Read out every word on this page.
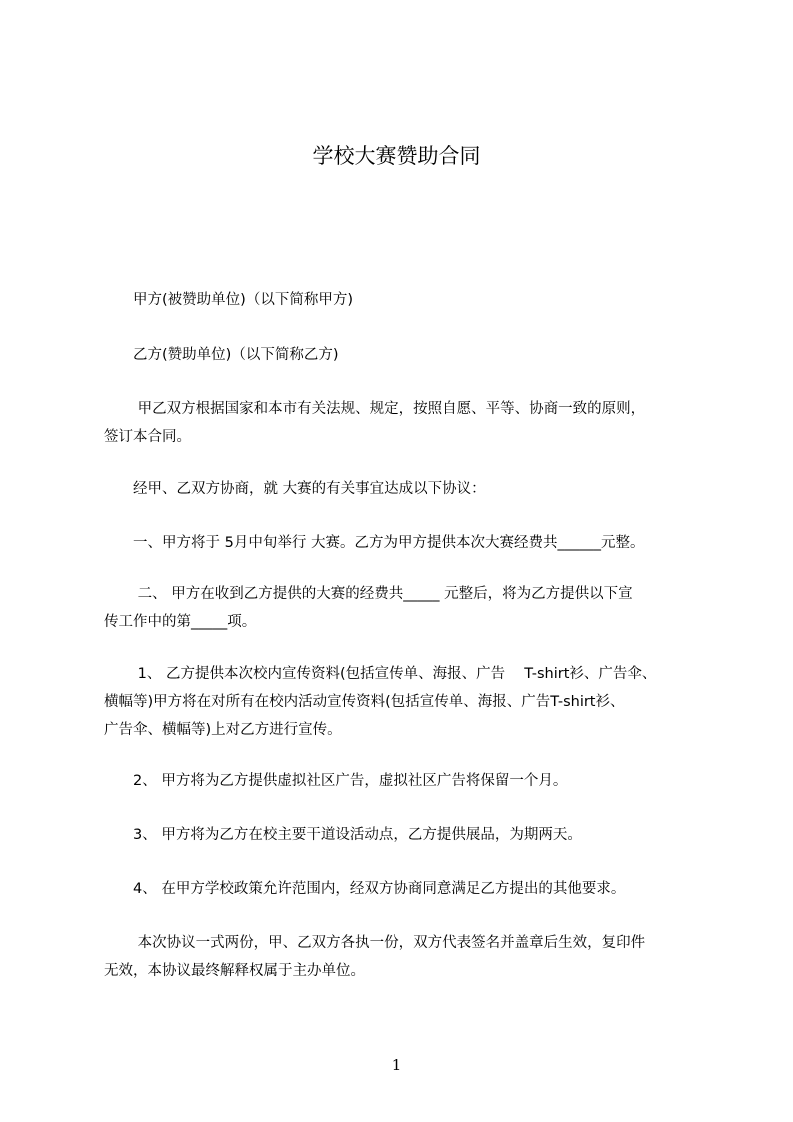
学校大赛赞助合同

　　甲方(被赞助单位)（以下简称甲方)

　　乙方(赞助单位)（以下简称乙方)

　　 甲乙双方根据国家和本市有关法规、规定，按照自愿、平等、协商一致的原则，
签订本合同。

　　经甲、乙双方协商，就 大赛的有关事宜达成以下协议：

　　一、甲方将于 5月中旬举行 大赛。乙方为甲方提供本次大赛经费共______元整。

　　 二、 甲方在收到乙方提供的大赛的经费共_____ 元整后，将为乙方提供以下宣
传工作中的第_____项。

　　 1、 乙方提供本次校内宣传资料(包括宣传单、海报、广告　 T-shirt衫、广告伞、
横幅等)甲方将在对所有在校内活动宣传资料(包括宣传单、海报、广告T-shirt衫、
广告伞、横幅等)上对乙方进行宣传。

　　2、 甲方将为乙方提供虚拟社区广告，虚拟社区广告将保留一个月。

　　3、 甲方将为乙方在校主要干道设活动点，乙方提供展品，为期两天。

　　4、 在甲方学校政策允许范围内，经双方协商同意满足乙方提出的其他要求。

　　 本次协议一式两份，甲、乙双方各执一份，双方代表签名并盖章后生效，复印件
无效，本协议最终解释权属于主办单位。

1
